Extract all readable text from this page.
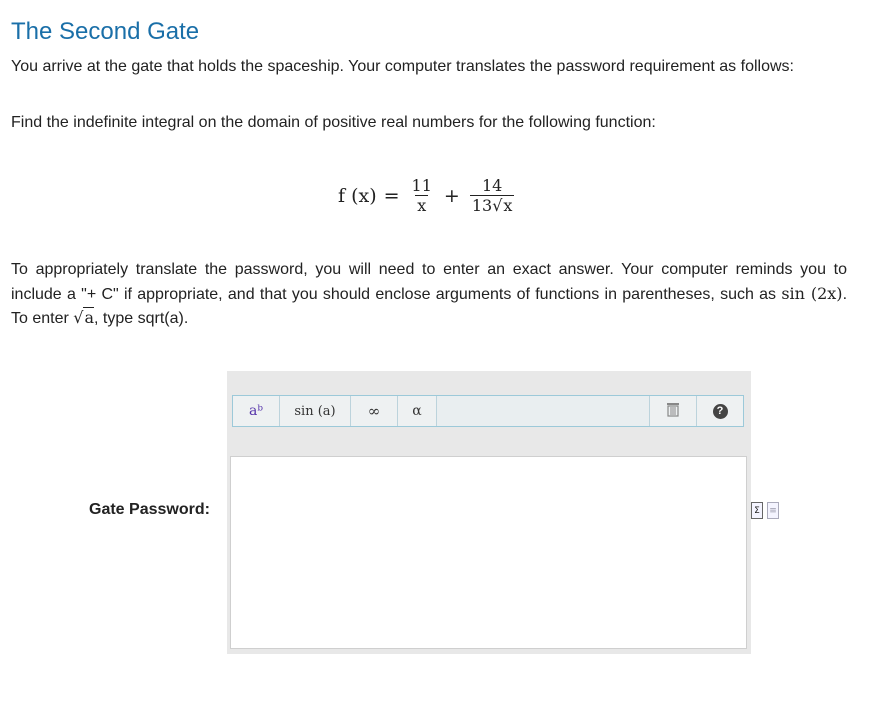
The Second Gate

You arrive at the gate that holds the spaceship. Your computer translates the password requirement as follows:

Find the indefinite integral on the domain of positive real numbers for the following function:

f $(x) = \frac{11}{x} + \frac{14}{13√x}$

To appropriately translate the password, you will need to enter an exact answer. Your computer reminds you to include a "+ C" if appropriate, and that you should enclose arguments of functions in parentheses, such as sin (2x). To enter √a, type sqrt(a).

Gate Password:
aᵇ	sin (a)	∞	α	?
Σ	≡
